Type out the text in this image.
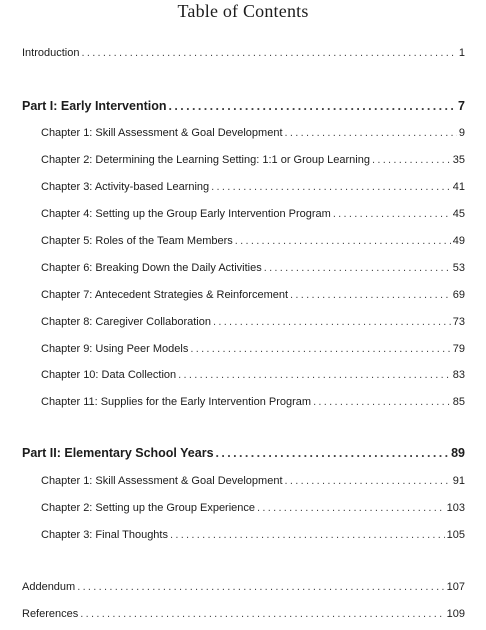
Table of Contents
Introduction .....	1
Part I: Early Intervention .....	7
Chapter 1: Skill Assessment & Goal Development .....	9
Chapter 2: Determining the Learning Setting: 1:1 or Group Learning .....	35
Chapter 3: Activity-based Learning .....	41
Chapter 4: Setting up the Group Early Intervention Program .....	45
Chapter 5: Roles of the Team Members .....	49
Chapter 6: Breaking Down the Daily Activities .....	53
Chapter 7: Antecedent Strategies & Reinforcement .....	69
Chapter 8: Caregiver Collaboration .....	73
Chapter 9: Using Peer Models .....	79
Chapter 10: Data Collection .....	83
Chapter 11: Supplies for the Early Intervention Program .....	85
Part II: Elementary School Years .....	89
Chapter 1: Skill Assessment & Goal Development .....	91
Chapter 2: Setting up the Group Experience .....	103
Chapter 3: Final Thoughts .....	105
Addendum .....	107
References .....	109
